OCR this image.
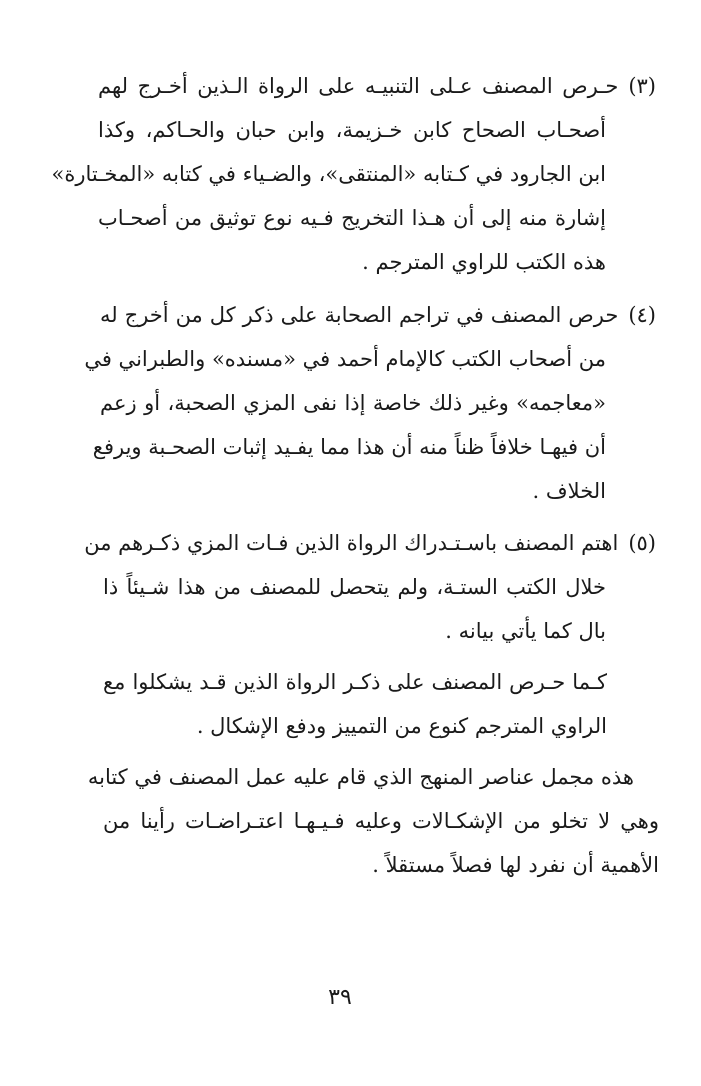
(٣)حـرص المصنف عـلى التنبيـه على الرواة الـذين أخـرج لهم
أصحـاب الصحاح كابن خـزيمة، وابن حبان والحـاكم، وكذا
ابن الجارود في كـتابه «المنتقى»، والضـياء في كتابه «المخـتارة»
إشارة منه إلى أن هـذا التخريج فـيه نوع توثيق من أصحـاب
هذه الكتب للراوي المترجم .
(٤)حرص المصنف في تراجم الصحابة على ذكر كل من أخرج له
من أصحاب الكتب كالإمام أحمد في «مسنده» والطبراني في
«معاجمه» وغير ذلك خاصة إذا نفى المزي الصحبة، أو زعم
أن فيهـا خلافاً ظناً منه أن هذا مما يفـيد إثبات الصحـبة ويرفع
الخلاف .
(٥)اهتم المصنف باسـتـدراك الرواة الذين فـات المزي ذكـرهم من
خلال الكتب الستـة، ولم يتحصل للمصنف من هذا شـيئاً ذا
بال كما يأتي بيانه .
كـما حـرص المصنف على ذكـر الرواة الذين قـد يشكلوا مع
الراوي المترجم كنوع من التمييز ودفع الإشكال .
هذه مجمل عناصر المنهج الذي قام عليه عمل المصنف في كتابه
وهي لا تخلو من الإشكـالات وعليه فـيـهـا اعتـراضـات رأينا من
الأهمية أن نفرد لها فصلاً مستقلاً .
٣٩
